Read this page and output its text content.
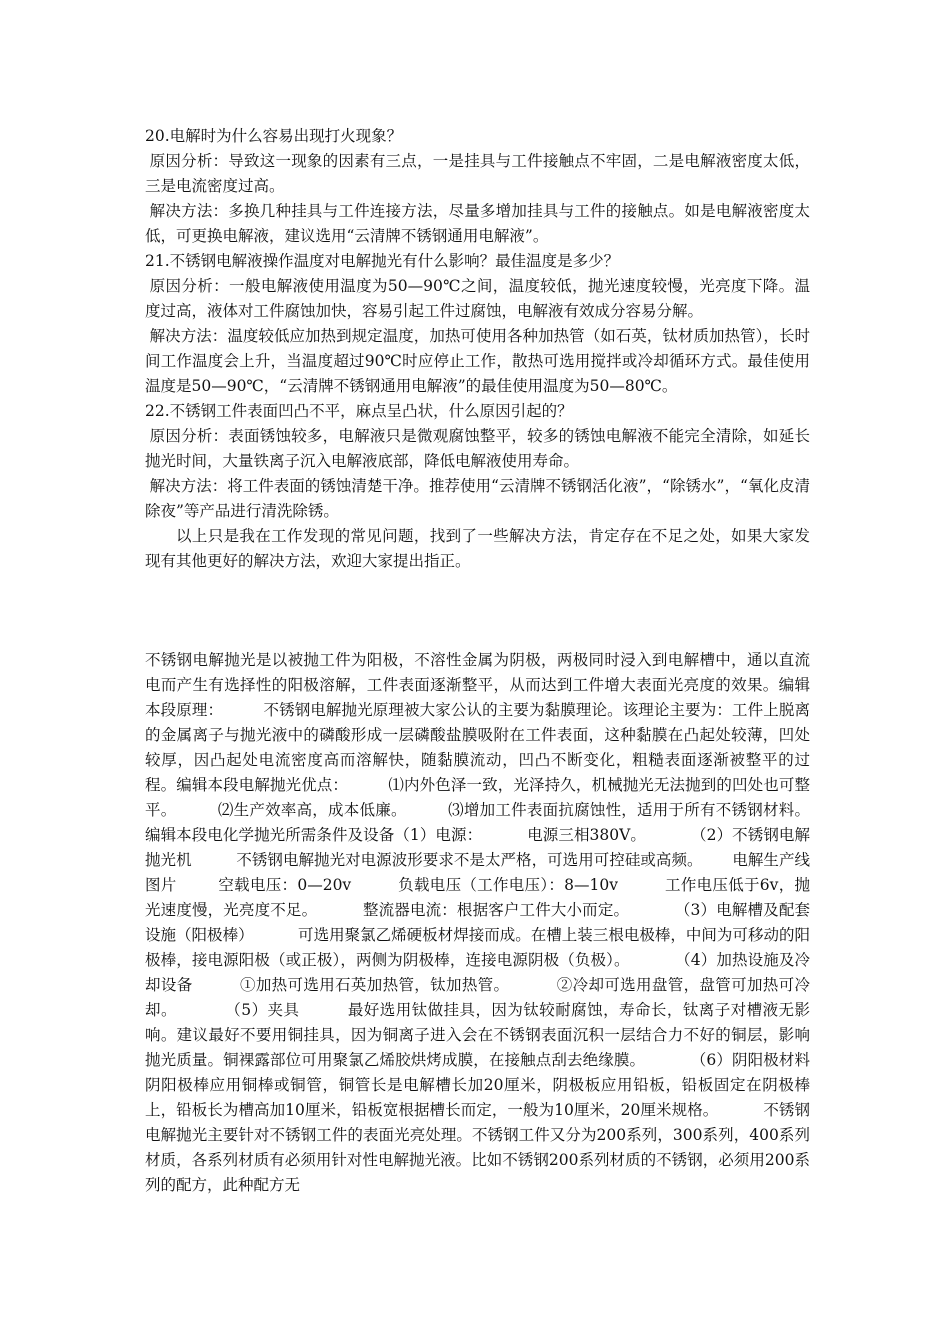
20.电解时为什么容易出现打火现象？

原因分析：导致这一现象的因素有三点，一是挂具与工件接触点不牢固，二是电解液密度太低，三是电流密度过高。

解决方法：多换几种挂具与工件连接方法，尽量多增加挂具与工件的接触点。如是电解液密度太低，可更换电解液，建议选用“云清牌不锈钢通用电解液”。

21.不锈钢电解液操作温度对电解抛光有什么影响？最佳温度是多少？

原因分析：一般电解液使用温度为50—90℃之间，温度较低，抛光速度较慢，光亮度下降。温度过高，液体对工件腐蚀加快，容易引起工件过腐蚀，电解液有效成分容易分解。

解决方法：温度较低应加热到规定温度，加热可使用各种加热管（如石英，钛材质加热管），长时间工作温度会上升，当温度超过90℃时应停止工作，散热可选用搅拌或冷却循环方式。最佳使用温度是50—90℃，“云清牌不锈钢通用电解液”的最佳使用温度为50—80℃。

22.不锈钢工件表面凹凸不平，麻点呈凸状，什么原因引起的？

原因分析：表面锈蚀较多，电解液只是微观腐蚀整平，较多的锈蚀电解液不能完全清除，如延长抛光时间，大量铁离子沉入电解液底部，降低电解液使用寿命。

解决方法：将工件表面的锈蚀清楚干净。推荐使用“云清牌不锈钢活化液”，“除锈水”，“氧化皮清除夜”等产品进行清洗除锈。

以上只是我在工作发现的常见问题，找到了一些解决方法，肯定存在不足之处，如果大家发现有其他更好的解决方法，欢迎大家提出指正。

不锈钢电解抛光是以被抛工件为阳极，不溶性金属为阴极，两极同时浸入到电解槽中，通以直流电而产生有选择性的阳极溶解，工件表面逐渐整平，从而达到工件增大表面光亮度的效果。编辑本段原理：        不锈钢电解抛光原理被大家公认的主要为黏膜理论。该理论主要为：工件上脱离的金属离子与抛光液中的磷酸形成一层磷酸盐膜吸附在工件表面，这种黏膜在凸起处较薄，凹处较厚，因凸起处电流密度高而溶解快，随黏膜流动，凹凸不断变化，粗糙表面逐渐被整平的过程。编辑本段电解抛光优点：        ⑴内外色泽一致，光泽持久，机械抛光无法抛到的凹处也可整平。        ⑵生产效率高，成本低廉。        ⑶增加工件表面抗腐蚀性，适用于所有不锈钢材料。编辑本段电化学抛光所需条件及设备（1）电源：         电源三相380V。         （2）不锈钢电解抛光机         不锈钢电解抛光对电源波形要求不是太严格，可选用可控硅或高频。      电解生产线图片        空载电压：0—20v         负载电压（工作电压）：8—10v         工作电压低于6v，抛光速度慢，光亮度不足。         整流器电流：根据客户工件大小而定。         （3）电解槽及配套设施（阳极棒）         可选用聚氯乙烯硬板材焊接而成。在槽上装三根电极棒，中间为可移动的阳极棒，接电源阳极（或正极），两侧为阴极棒，连接电源阴极（负极）。         （4）加热设施及冷却设备         ①加热可选用石英加热管，钛加热管。         ②冷却可选用盘管，盘管可加热可冷却。         （5）夹具         最好选用钛做挂具，因为钛较耐腐蚀，寿命长，钛离子对槽液无影响。建议最好不要用铜挂具，因为铜离子进入会在不锈钢表面沉积一层结合力不好的铜层，影响抛光质量。铜裸露部位可用聚氯乙烯胶烘烤成膜，在接触点刮去绝缘膜。         （6）阴阳极材料         阴阳极棒应用铜棒或铜管，铜管长是电解槽长加20厘米，阴极板应用铅板，铅板固定在阴极棒上，铅板长为槽高加10厘米，铅板宽根据槽长而定，一般为10厘米，20厘米规格。         不锈钢电解抛光主要针对不锈钢工件的表面光亮处理。不锈钢工件又分为200系列，300系列，400系列材质，各系列材质有必须用针对性电解抛光液。比如不锈钢200系列材质的不锈钢，必须用200系列的配方，此种配方无
